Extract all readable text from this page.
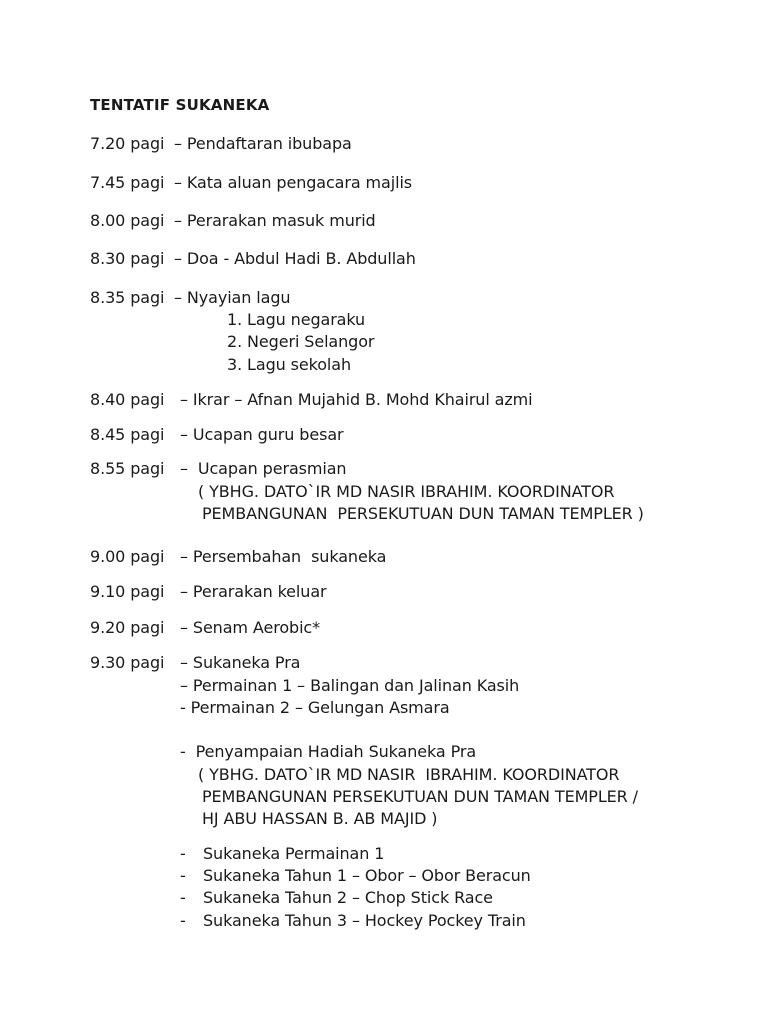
TENTATIF SUKANEKA
7.20 pagi – Pendaftaran ibubapa
7.45 pagi – Kata aluan pengacara majlis
8.00 pagi – Perarakan masuk murid
8.30 pagi – Doa - Abdul Hadi B. Abdullah
8.35 pagi – Nyayian lagu
1. Lagu negaraku
2. Negeri Selangor
3. Lagu sekolah
8.40 pagi – Ikrar – Afnan Mujahid B. Mohd Khairul azmi
8.45 pagi – Ucapan guru besar
8.55 pagi –  Ucapan perasmian
( YBHG. DATO`IR MD NASIR IBRAHIM. KOORDINATOR
PEMBANGUNAN  PERSEKUTUAN DUN TAMAN TEMPLER )
9.00 pagi – Persembahan  sukaneka
9.10 pagi – Perarakan keluar
9.20 pagi – Senam Aerobic*
9.30 pagi – Sukaneka Pra
– Permainan 1 – Balingan dan Jalinan Kasih
- Permainan 2 – Gelungan Asmara
-  Penyampaian Hadiah Sukaneka Pra
( YBHG. DATO`IR MD NASIR  IBRAHIM. KOORDINATOR
PEMBANGUNAN PERSEKUTUAN DUN TAMAN TEMPLER /
HJ ABU HASSAN B. AB MAJID )
- Sukaneka Permainan 1
- Sukaneka Tahun 1 – Obor – Obor Beracun
- Sukaneka Tahun 2 – Chop Stick Race
- Sukaneka Tahun 3 – Hockey Pockey Train
